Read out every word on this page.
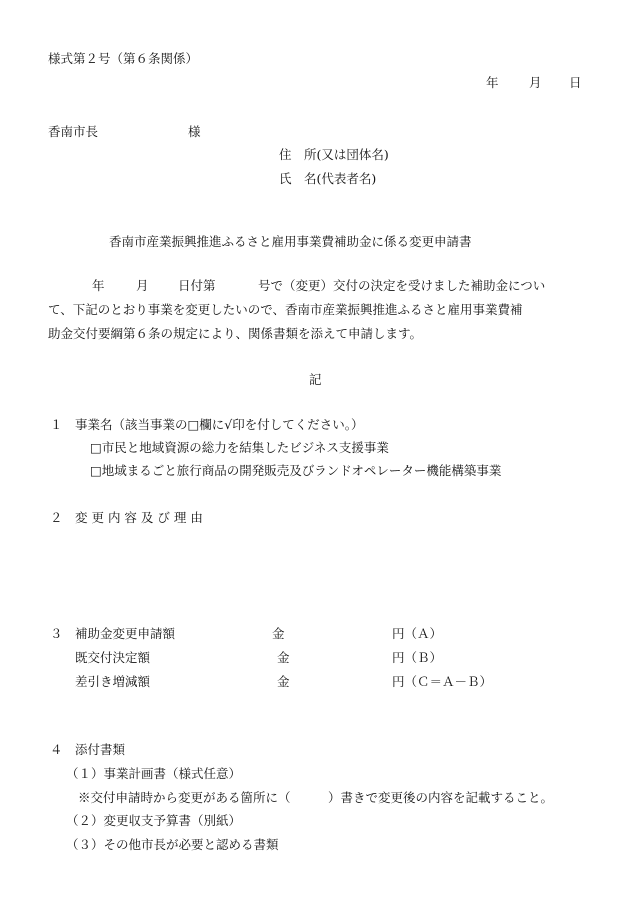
様式第２号（第６条関係）
年 月 日
香南市長	様
住　所(又は団体名)
氏　名(代表者名)
香南市産業振興推進ふるさと雇用事業費補助金に係る変更申請書
年	月 日付第	号で（変更）交付の決定を受けました補助金につい
て、下記のとおり事業を変更したいので、香南市産業振興推進ふるさと雇用事業費補
助金交付要綱第６条の規定により、関係書類を添えて申請します。
記
１ 事業名（該当事業の□欄に√印を付してください。）
□市民と地域資源の総力を結集したビジネス支援事業
□地域まるごと旅行商品の開発販売及びランドオペレーター機能構築事業
２ 変 更 内 容 及 び 理 由
３ 補助金変更申請額	金	円（Ａ）
既交付決定額	金	円（Ｂ）
差引き増減額	金	円（Ｃ＝Ａ－Ｂ）
４ 添付書類
（１）事業計画書（様式任意）
※交付申請時から変更がある箇所に（　　　）書きで変更後の内容を記載すること。
（２）変更収支予算書（別紙）
（３）その他市長が必要と認める書類
